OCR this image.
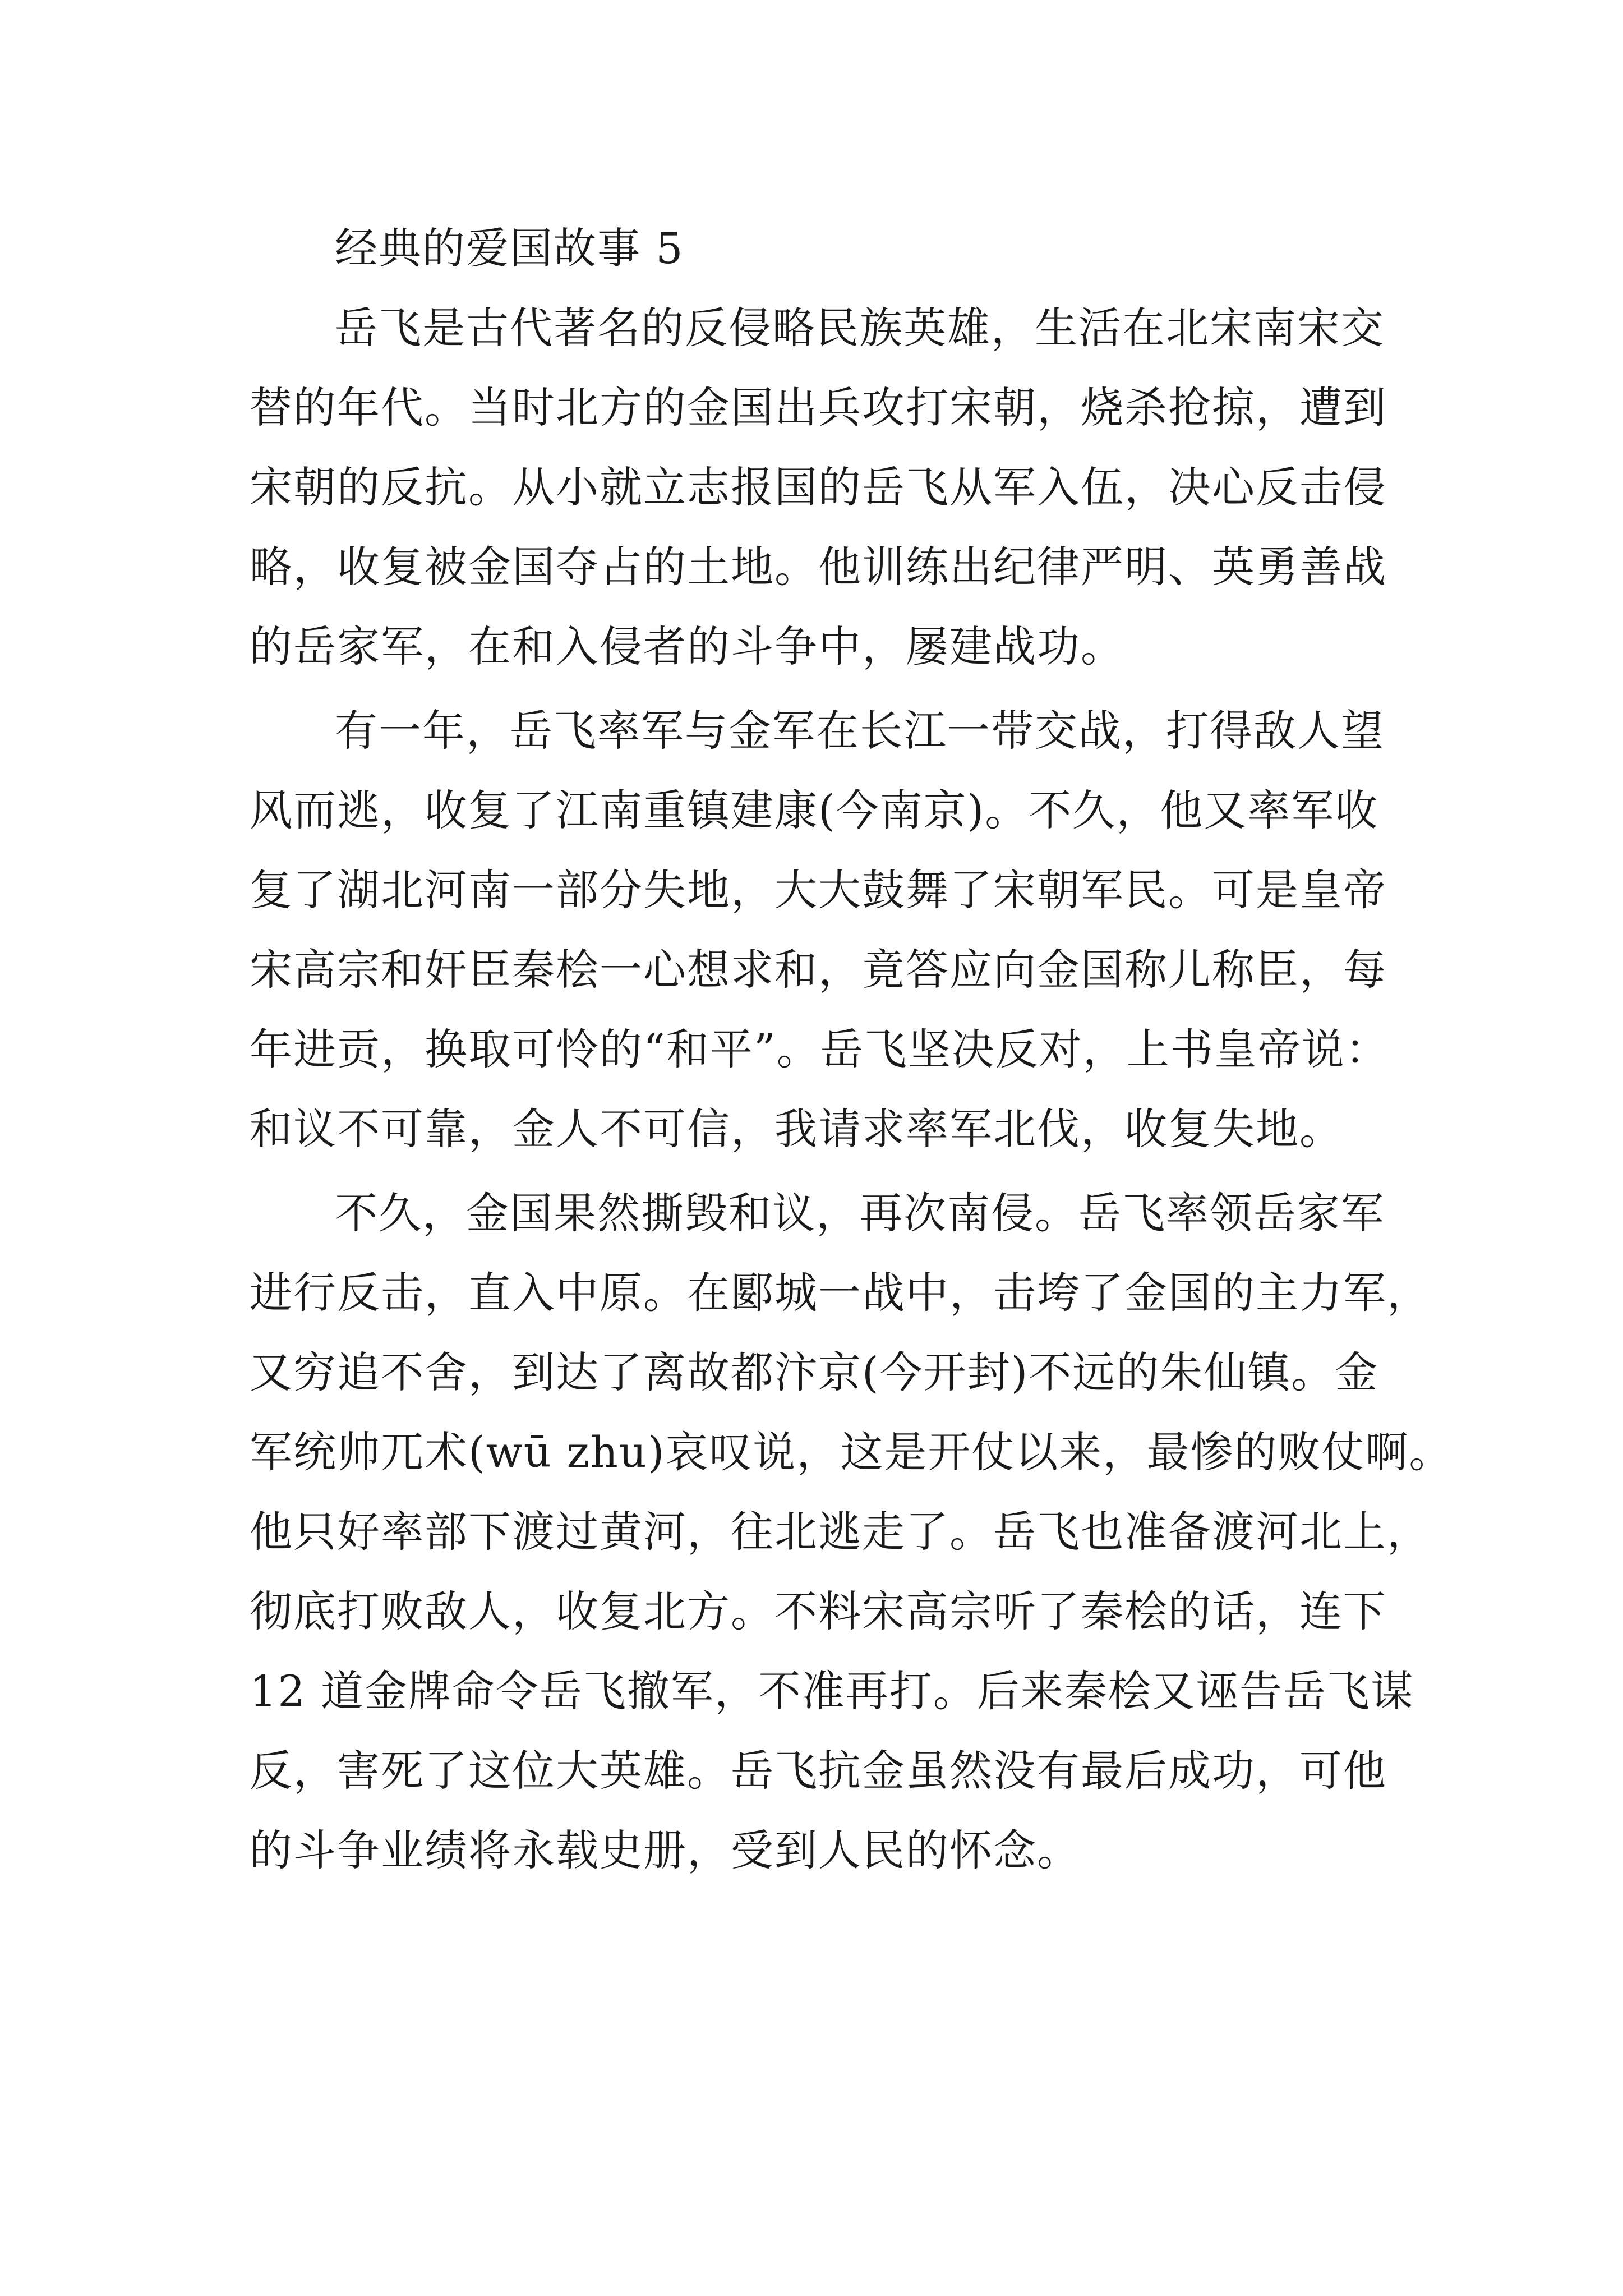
经典的爱国故事 5
岳飞是古代著名的反侵略民族英雄，生活在北宋南宋交
替的年代。当时北方的金国出兵攻打宋朝，烧杀抢掠，遭到
宋朝的反抗。从小就立志报国的岳飞从军入伍，决心反击侵
略，收复被金国夺占的土地。他训练出纪律严明、英勇善战
的岳家军，在和入侵者的斗争中，屡建战功。
有一年，岳飞率军与金军在长江一带交战，打得敌人望
风而逃，收复了江南重镇建康(今南京)。不久，他又率军收
复了湖北河南一部分失地，大大鼓舞了宋朝军民。可是皇帝
宋高宗和奸臣秦桧一心想求和，竟答应向金国称儿称臣，每
年进贡，换取可怜的“和平”。岳飞坚决反对，上书皇帝说：
和议不可靠，金人不可信，我请求率军北伐，收复失地。
不久，金国果然撕毁和议，再次南侵。岳飞率领岳家军
进行反击，直入中原。在郾城一战中，击垮了金国的主力军，
又穷追不舍，到达了离故都汴京(今开封)不远的朱仙镇。金
军统帅兀术(wū zhu)哀叹说，这是开仗以来，最惨的败仗啊。
他只好率部下渡过黄河，往北逃走了。岳飞也准备渡河北上，
彻底打败敌人，收复北方。不料宋高宗听了秦桧的话，连下
12 道金牌命令岳飞撤军，不准再打。后来秦桧又诬告岳飞谋
反，害死了这位大英雄。岳飞抗金虽然没有最后成功，可他
的斗争业绩将永载史册，受到人民的怀念。
